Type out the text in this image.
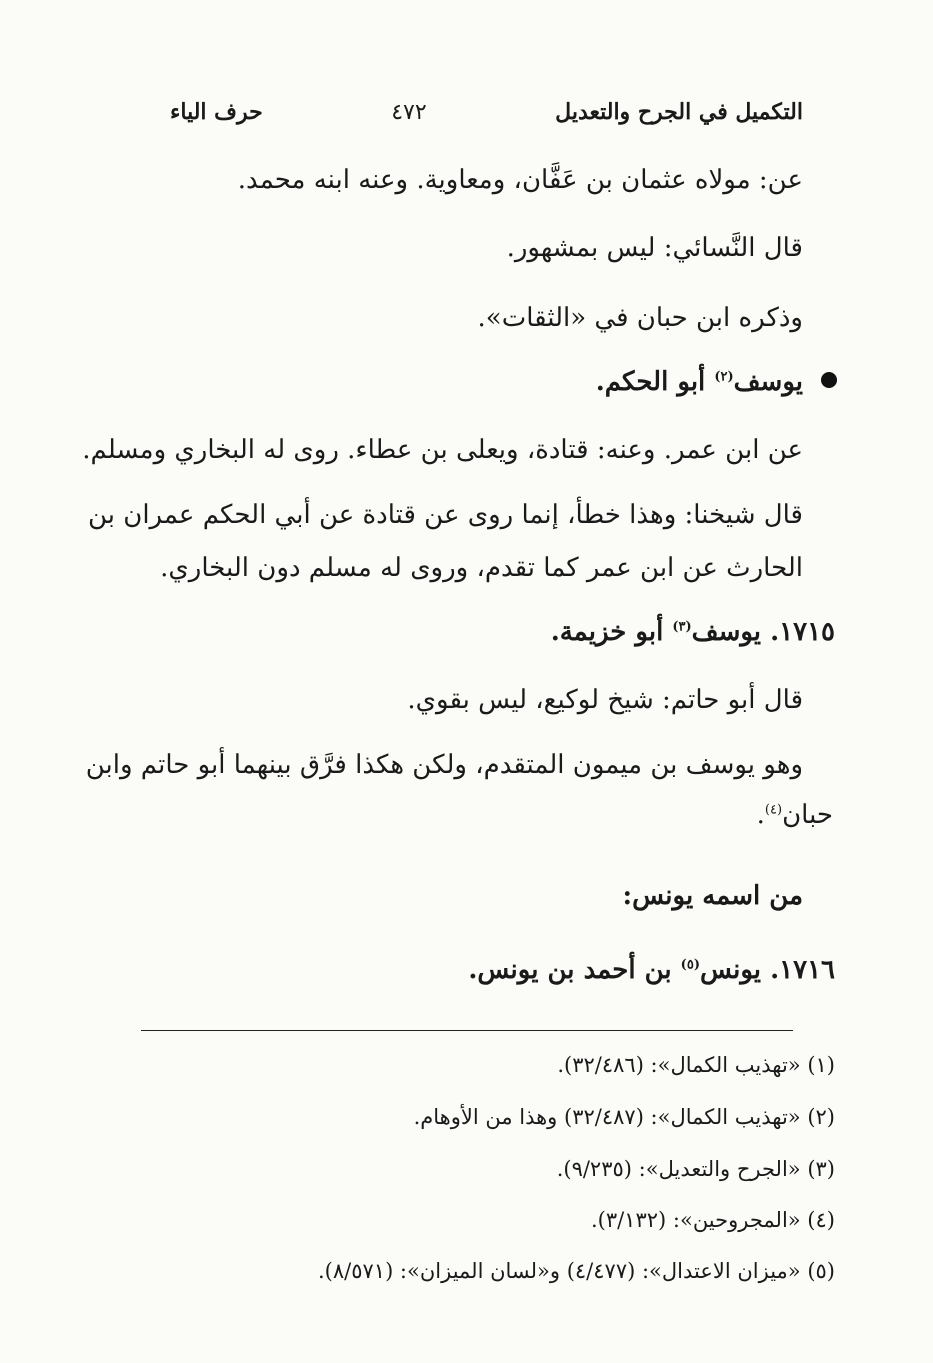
التكميل في الجرح والتعديل
٤٧٢
حرف الياء
عن: مولاه عثمان بن عَفَّان، ومعاوية. وعنه ابنه محمد.
قال النَّسائي: ليس بمشهور.
وذكره ابن حبان في «الثقات».
يوسف$^{(٢)}$ أبو الحكم.
عن ابن عمر. وعنه: قتادة، ويعلى بن عطاء. روى له البخاري ومسلم.
قال شيخنا: وهذا خطأ، إنما روى عن قتادة عن أبي الحكم عمران بن
الحارث عن ابن عمر كما تقدم، وروى له مسلم دون البخاري.
١٧١٥. يوسف$^{(٣)}$ أبو خزيمة.
قال أبو حاتم: شيخ لوكيع، ليس بقوي.
وهو يوسف بن ميمون المتقدم، ولكن هكذا فرَّق بينهما أبو حاتم وابن
حبان$^{(٤)}$.
من اسمه يونس:
١٧١٦. يونس$^{(٥)}$ بن أحمد بن يونس.
(١) «تهذيب الكمال»: (٣٢/٤٨٦).
(٢) «تهذيب الكمال»: (٣٢/٤٨٧) وهذا من الأوهام.
(٣) «الجرح والتعديل»: (٩/٢٣٥).
(٤) «المجروحين»: (٣/١٣٢).
(٥) «ميزان الاعتدال»: (٤/٤٧٧) و«لسان الميزان»: (٨/٥٧١).
